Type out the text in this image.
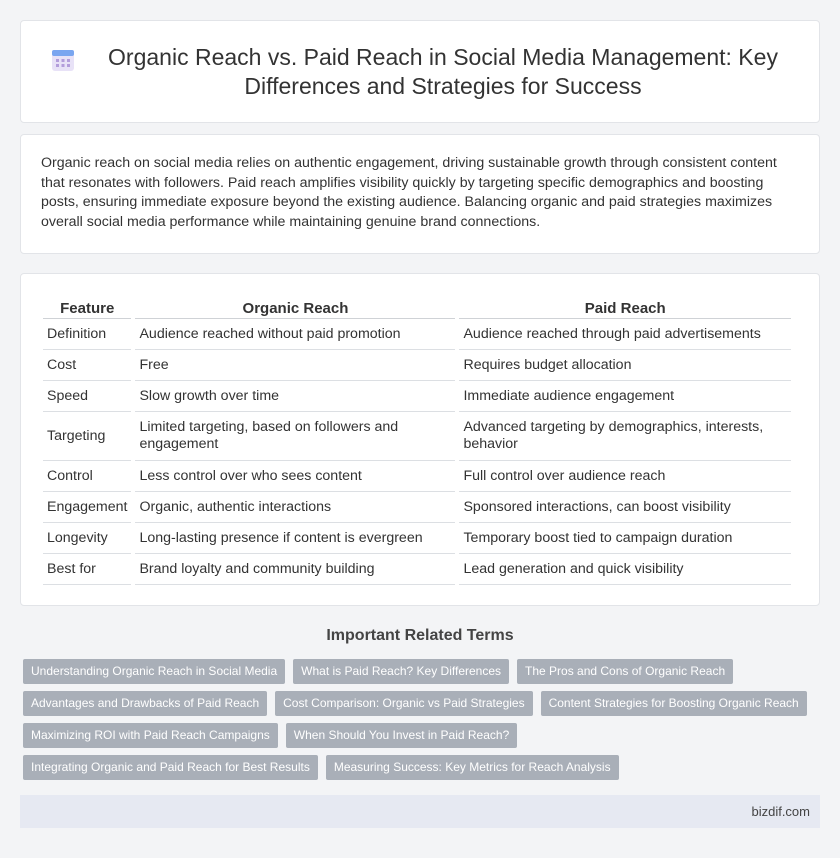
Organic Reach vs. Paid Reach in Social Media Management: Key Differences and Strategies for Success

Organic reach on social media relies on authentic engagement, driving sustainable growth through consistent content that resonates with followers. Paid reach amplifies visibility quickly by targeting specific demographics and boosting posts, ensuring immediate exposure beyond the existing audience. Balancing organic and paid strategies maximizes overall social media performance while maintaining genuine brand connections.

Feature	Organic Reach	Paid Reach
Definition	Audience reached without paid promotion	Audience reached through paid advertisements
Cost	Free	Requires budget allocation
Speed	Slow growth over time	Immediate audience engagement
Targeting	Limited targeting, based on followers and engagement	Advanced targeting by demographics, interests, behavior
Control	Less control over who sees content	Full control over audience reach
Engagement	Organic, authentic interactions	Sponsored interactions, can boost visibility
Longevity	Long-lasting presence if content is evergreen	Temporary boost tied to campaign duration
Best for	Brand loyalty and community building	Lead generation and quick visibility
Important Related Terms
Understanding Organic Reach in Social Media	What is Paid Reach? Key Differences	The Pros and Cons of Organic Reach
Advantages and Drawbacks of Paid Reach	Cost Comparison: Organic vs Paid Strategies	Content Strategies for Boosting Organic Reach
Maximizing ROI with Paid Reach Campaigns	When Should You Invest in Paid Reach?
Integrating Organic and Paid Reach for Best Results	Measuring Success: Key Metrics for Reach Analysis
bizdif.com
